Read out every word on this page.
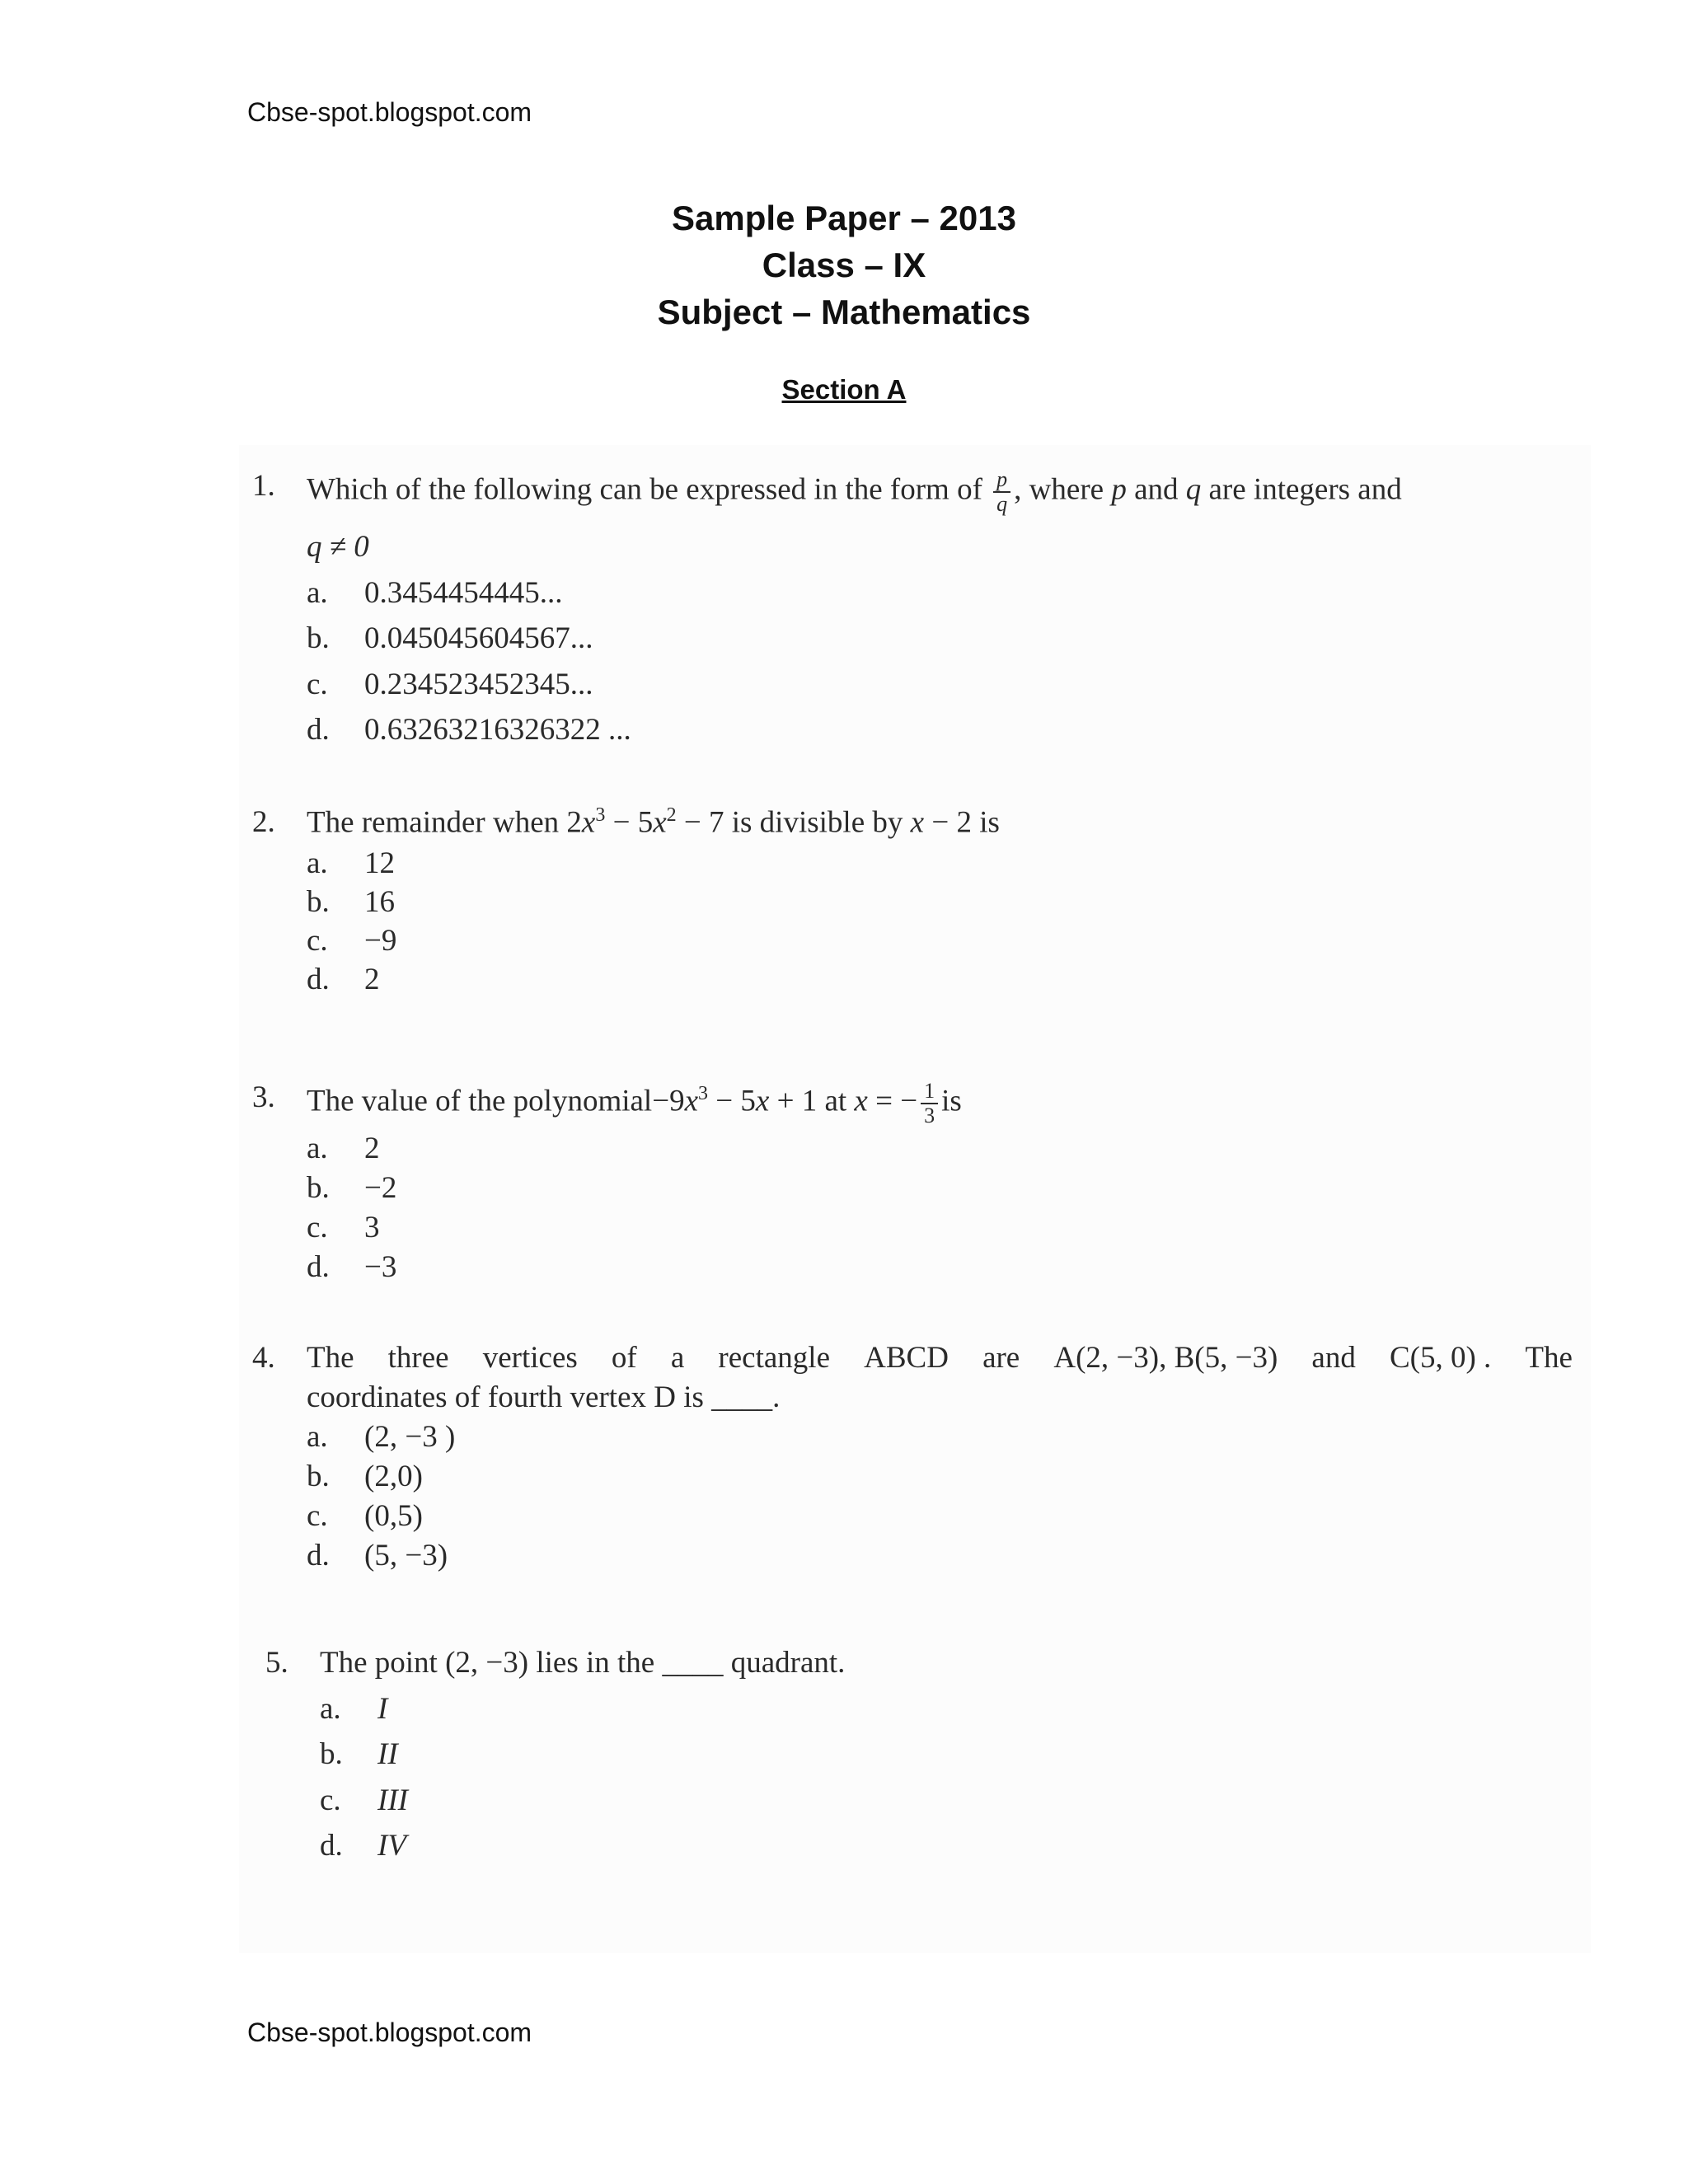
Cbse-spot.blogspot.com
Sample Paper – 2013
Class – IX
Subject – Mathematics
Section A
1.	Which of the following can be expressed in the form of $\frac{p}{q}$ , where p and q are integers and
q ≠ 0
a. 0.3454454445...
b. 0.045045604567...
c. 0.234523452345...
d. 0.63263216326322 ...
2.	The remainder when $2x^3 - 5x^2 - 7$ is divisible by x − 2 is
a. 12
b. 16
c. −9
d. 2
3.	The value of the $polynomial-9x^3 - 5x + 1$ at x = − $\frac{1}{3}$ is
a. 2
b. −2
c. 3
d. −3
4.	The three vertices of a rectangle ABCD are A(2, −3), B(5, −3) and C(5, 0) . The
coordinates of fourth vertex D is ____.
a. (2, −3 )
b. (2,0)
c. (0,5)
d. (5, −3)
5.	The point (2, −3) lies in the ____ quadrant.
a. I
b. II
c. III
d. IV
Cbse-spot.blogspot.com
